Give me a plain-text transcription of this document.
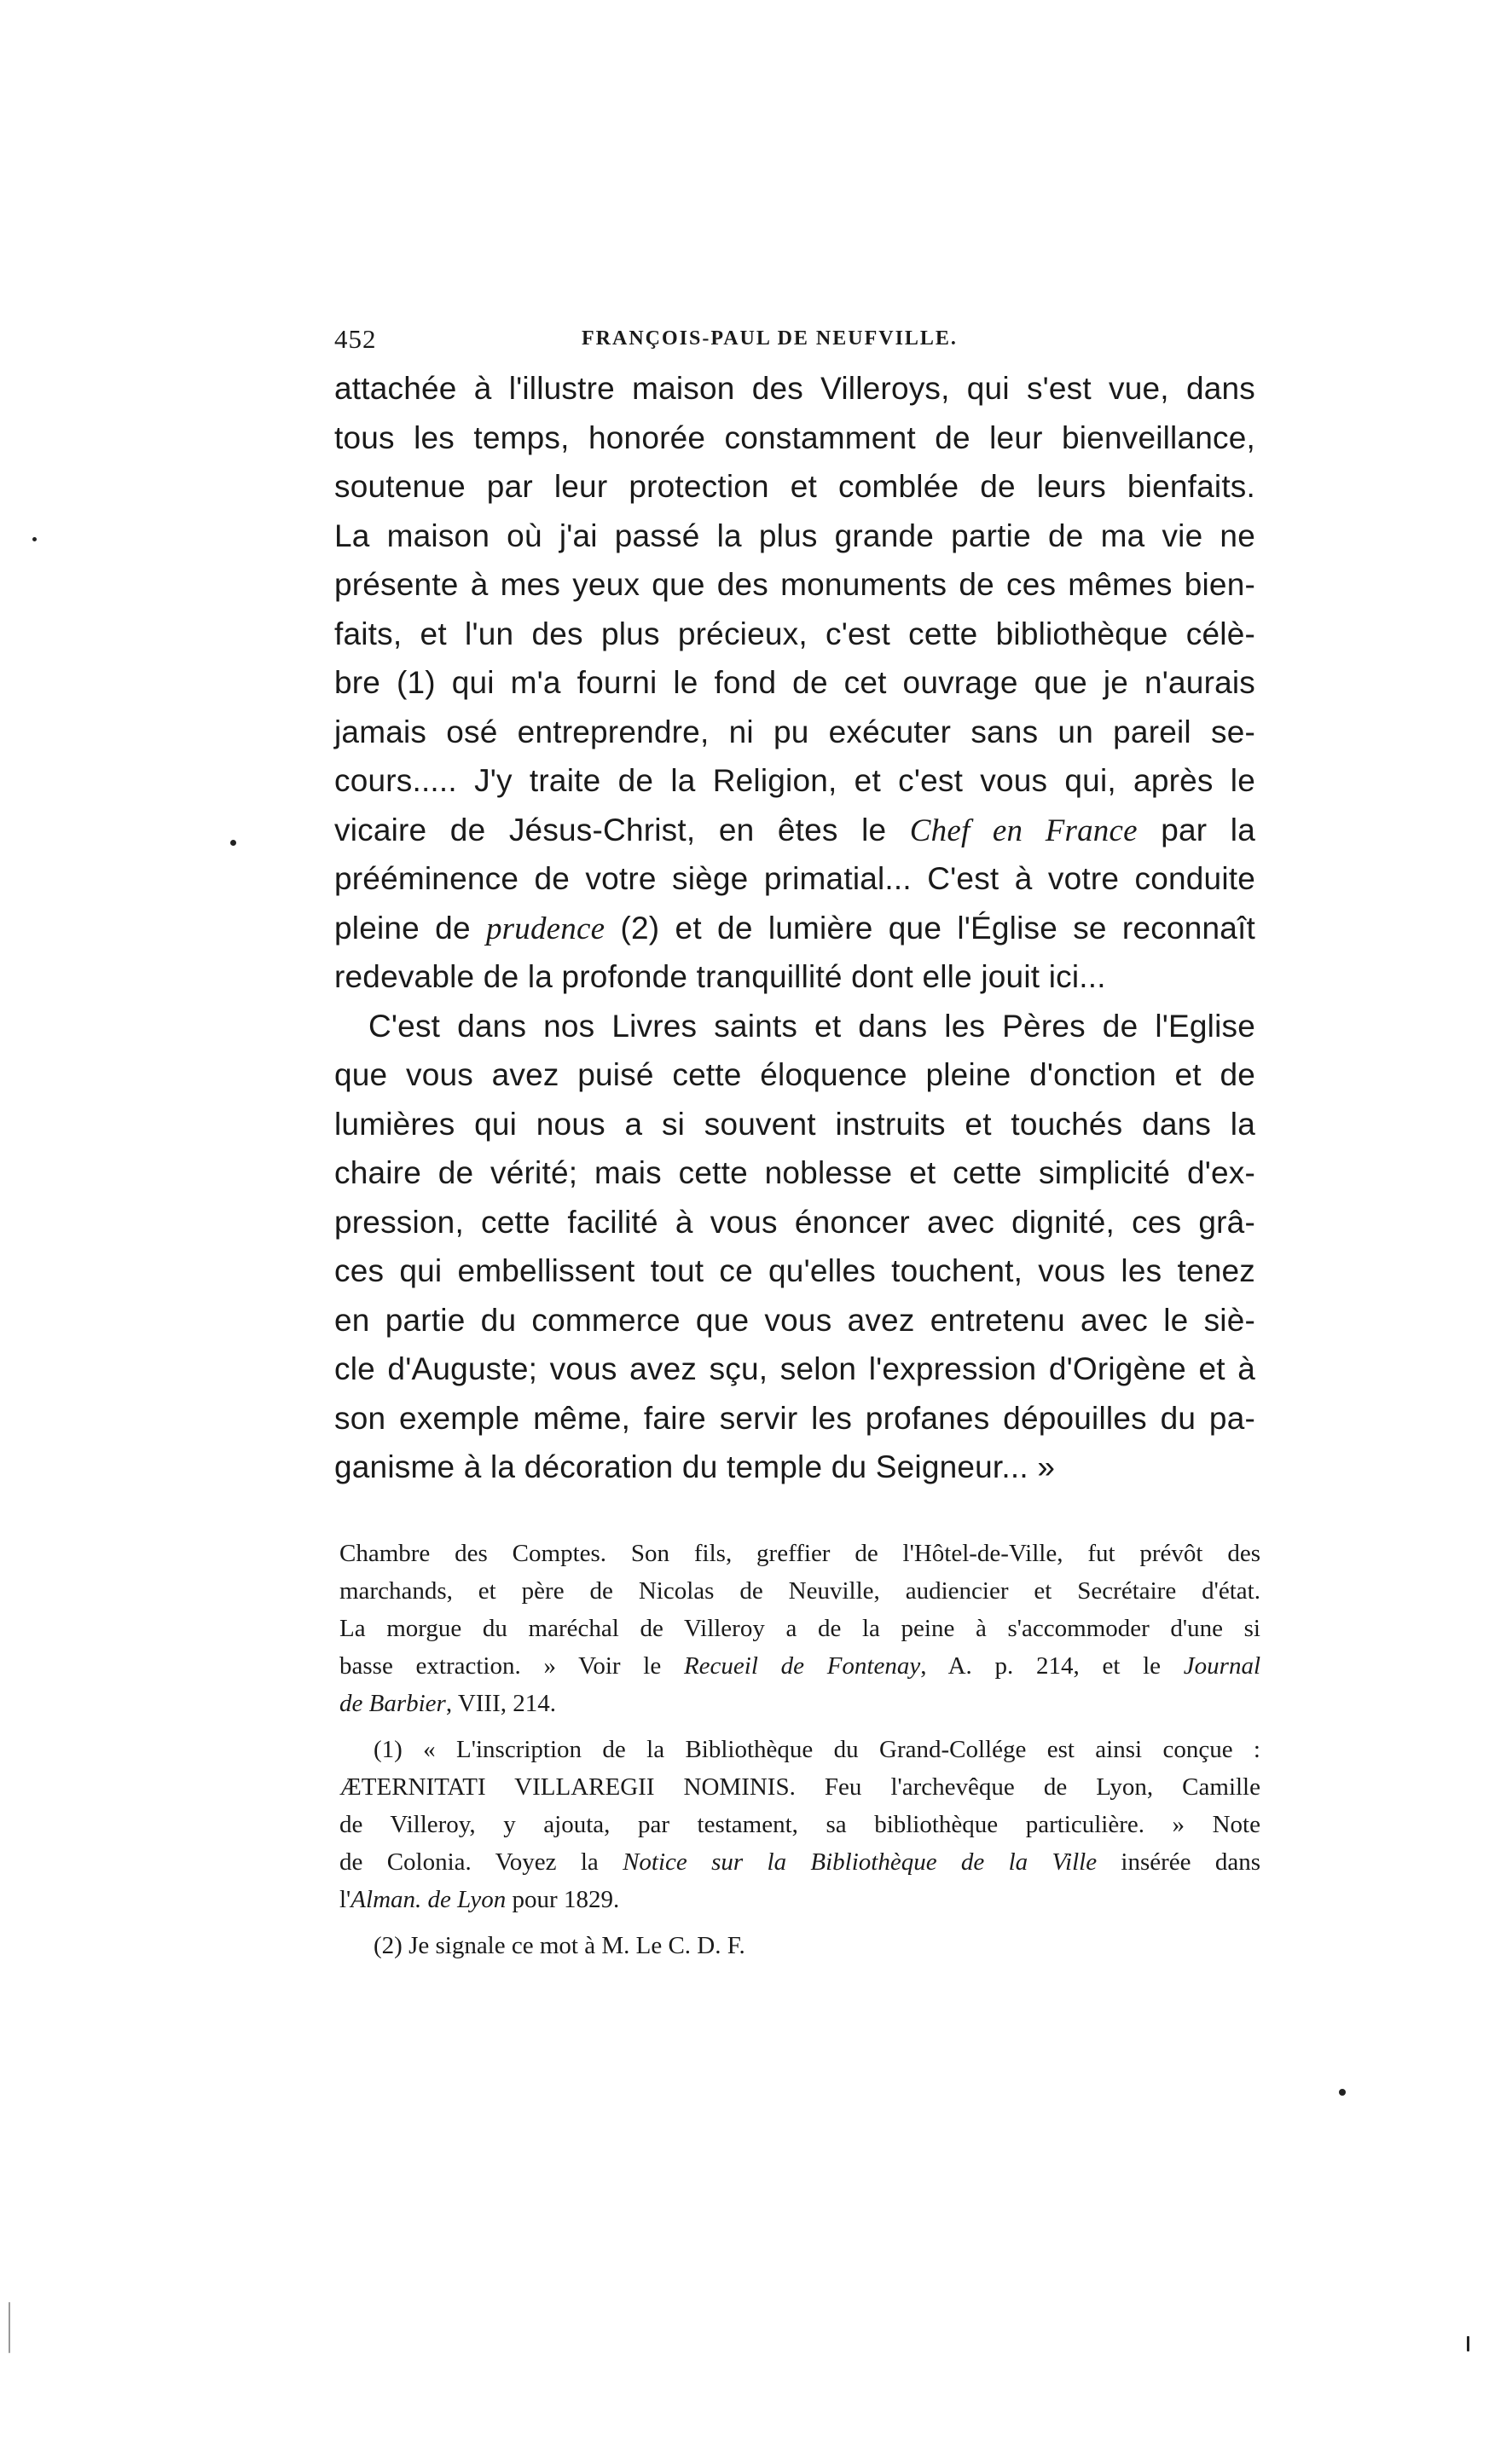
452	FRANÇOIS-PAUL DE NEUFVILLE.
attachée à l'illustre maison des Villeroys, qui s'est vue, dans
tous les temps, honorée constamment de leur bienveillance,
soutenue par leur protection et comblée de leurs bienfaits.
La maison où j'ai passé la plus grande partie de ma vie ne
présente à mes yeux que des monuments de ces mêmes bien-
faits, et l'un des plus précieux, c'est cette bibliothèque célè-
bre (1) qui m'a fourni le fond de cet ouvrage que je n'aurais
jamais osé entreprendre, ni pu exécuter sans un pareil se-
cours..... J'y traite de la Religion, et c'est vous qui, après le
vicaire de Jésus-Christ, en êtes le Chef en France par la
prééminence de votre siège primatial... C'est à votre conduite
pleine de prudence (2) et de lumière que l'Église se reconnaît
redevable de la profonde tranquillité dont elle jouit ici...
C'est dans nos Livres saints et dans les Pères de l'Eglise
que vous avez puisé cette éloquence pleine d'onction et de
lumières qui nous a si souvent instruits et touchés dans la
chaire de vérité; mais cette noblesse et cette simplicité d'ex-
pression, cette facilité à vous énoncer avec dignité, ces grâ-
ces qui embellissent tout ce qu'elles touchent, vous les tenez
en partie du commerce que vous avez entretenu avec le siè-
cle d'Auguste; vous avez sçu, selon l'expression d'Origène et à
son exemple même, faire servir les profanes dépouilles du pa-
ganisme à la décoration du temple du Seigneur... »
Chambre des Comptes. Son fils, greffier de l'Hôtel-de-Ville, fut prévôt des
marchands, et père de Nicolas de Neuville, audiencier et Secrétaire d'état.
La morgue du maréchal de Villeroy a de la peine à s'accommoder d'une si
basse extraction. » Voir le Recueil de Fontenay, A. p. 214, et le Journal
de Barbier, VIII, 214.
(1) « L'inscription de la Bibliothèque du Grand-Collége est ainsi conçue :
ÆTERNITATI VILLAREGII NOMINIS. Feu l'archevêque de Lyon, Camille
de Villeroy, y ajouta, par testament, sa bibliothèque particulière. » Note
de Colonia. Voyez la Notice sur la Bibliothèque de la Ville insérée dans
l'Alman. de Lyon pour 1829.
(2) Je signale ce mot à M. Le C. D. F.
